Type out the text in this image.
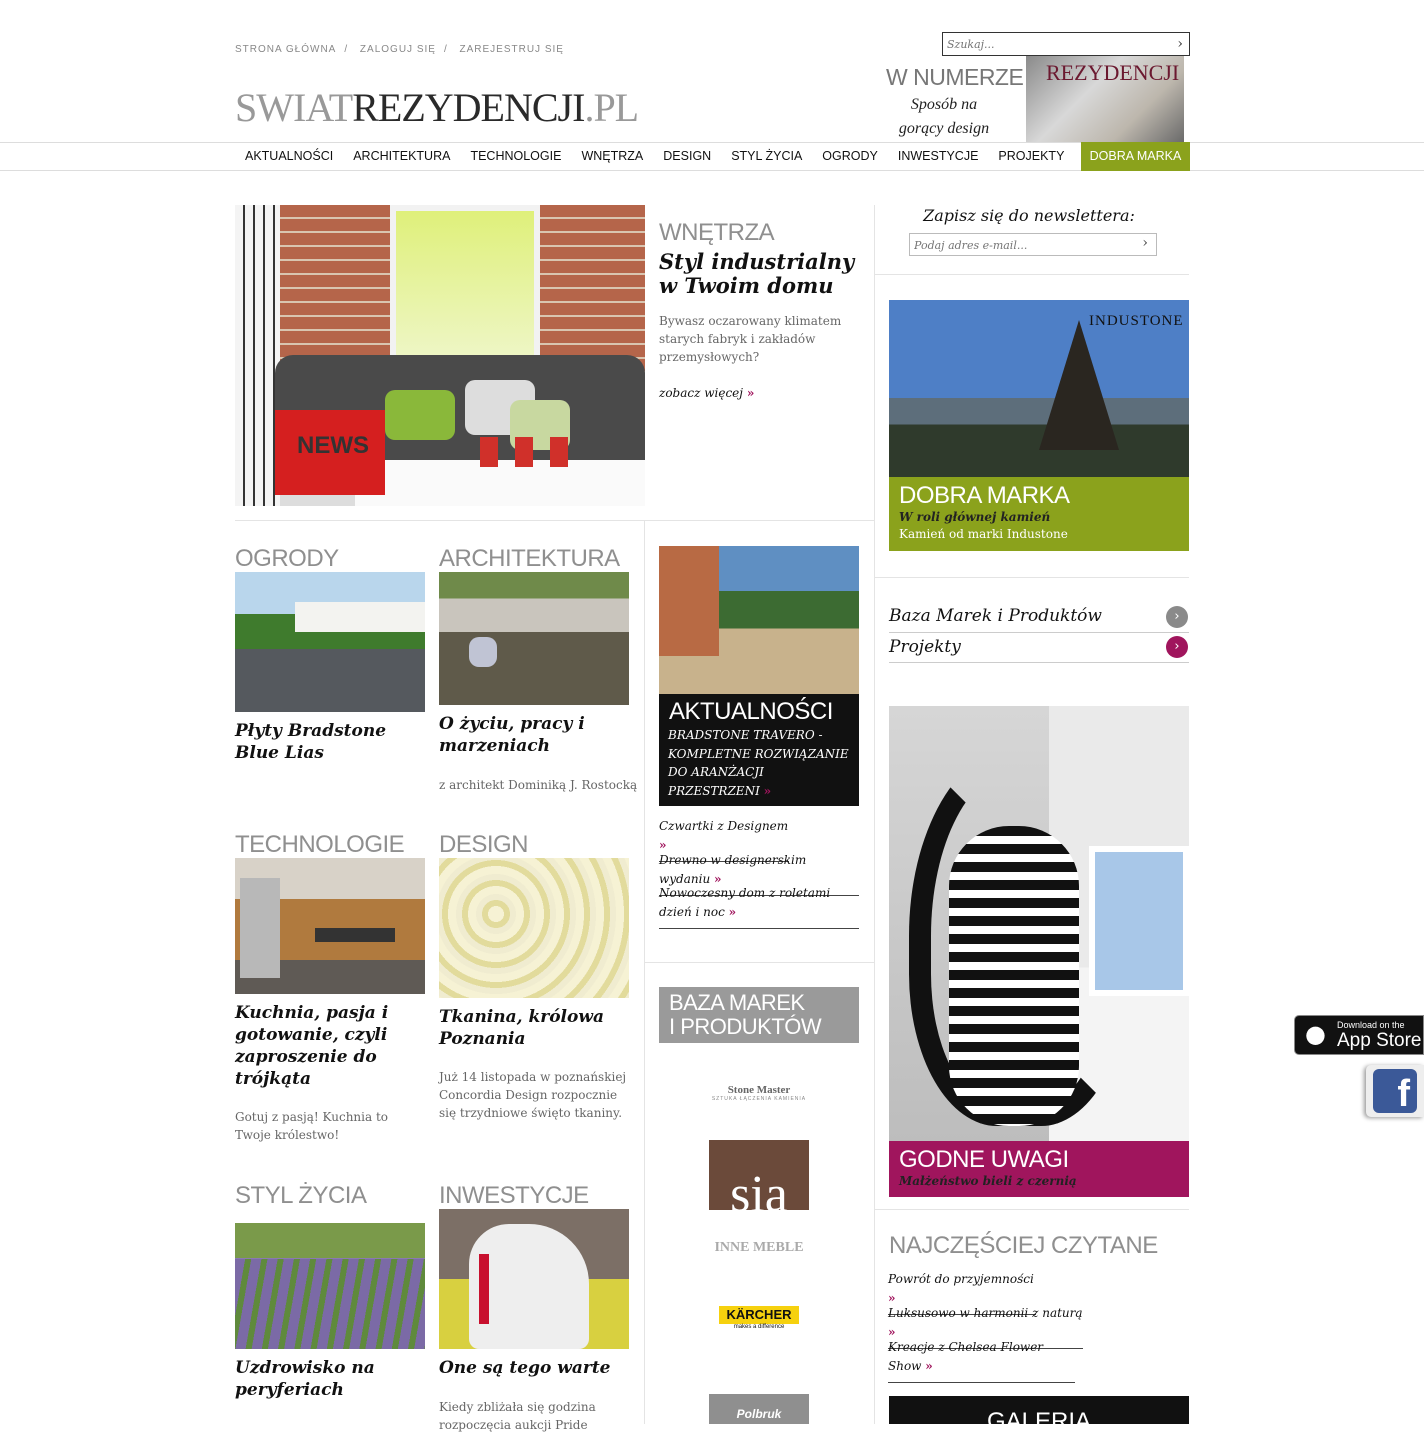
STRONA GŁÓWNA / ZALOGUJ SIĘ / ZAREJESTRUJ SIĘ
SWIATREZYDENCJI.PL
Szukaj...
›
W NUMERZE
Sposób na gorący design
REZYDENCJI
AKTUALNOŚCI	ARCHITEKTURA	TECHNOLOGIE	WNĘTRZA	DESIGN	STYL ŻYCIA	OGRODY	INWESTYCJE	PROJEKTY	DOBRA MARKA
NEWS
WNĘTRZA
Styl industrialny w Twoim domu
Bywasz oczarowany klimatem starych fabryk i zakładów przemysłowych?
zobacz więcej »
OGRODY
Płyty Bradstone Blue Lias
ARCHITEKTURA
O życiu, pracy i marzeniach
z architekt Dominiką J. Rostocką
TECHNOLOGIE
Kuchnia, pasja i gotowanie, czyli zaproszenie do trójkąta
Gotuj z pasją! Kuchnia to Twoje królestwo!
DESIGN
Tkanina, królowa Poznania
Już 14 listopada w poznańskiej Concordia Design rozpocznie się trzydniowe święto tkaniny.
STYL ŻYCIA
Uzdrowisko na peryferiach
INWESTYCJE
One są tego warte
Kiedy zbliżała się godzina rozpoczęcia aukcji Pride
AKTUALNOŚCI
BRADSTONE TRAVERO - KOMPLETNE ROZWIĄZANIE DO ARANŻACJI PRZESTRZENI »
Czwartki z Designem »
Drewno w designerskim wydaniu »
Nowoczesny dom z roletami dzień i noc »
BAZA MAREK
I PRODUKTÓW
Stone Master
SZTUKA ŁĄCZENIA KAMIENIA
sia
INNE MEBLE
KÄRCHER
makes a difference
Polbruk
Zapisz się do newslettera:
Podaj adres e-mail...
›
INDUSTONE
DOBRA MARKA
W roli głównej kamień
Kamień od marki Industone
Baza Marek i Produktów	›
Projekty	›
GODNE UWAGI
Małżeństwo bieli z czernią
NAJCZĘŚCIEJ CZYTANE
Powrót do przyjemności »
Luksusowo w harmonii z naturą »
Kreacje z Chelsea Flower Show »
GALERIA
● Download on the
App Store
f
